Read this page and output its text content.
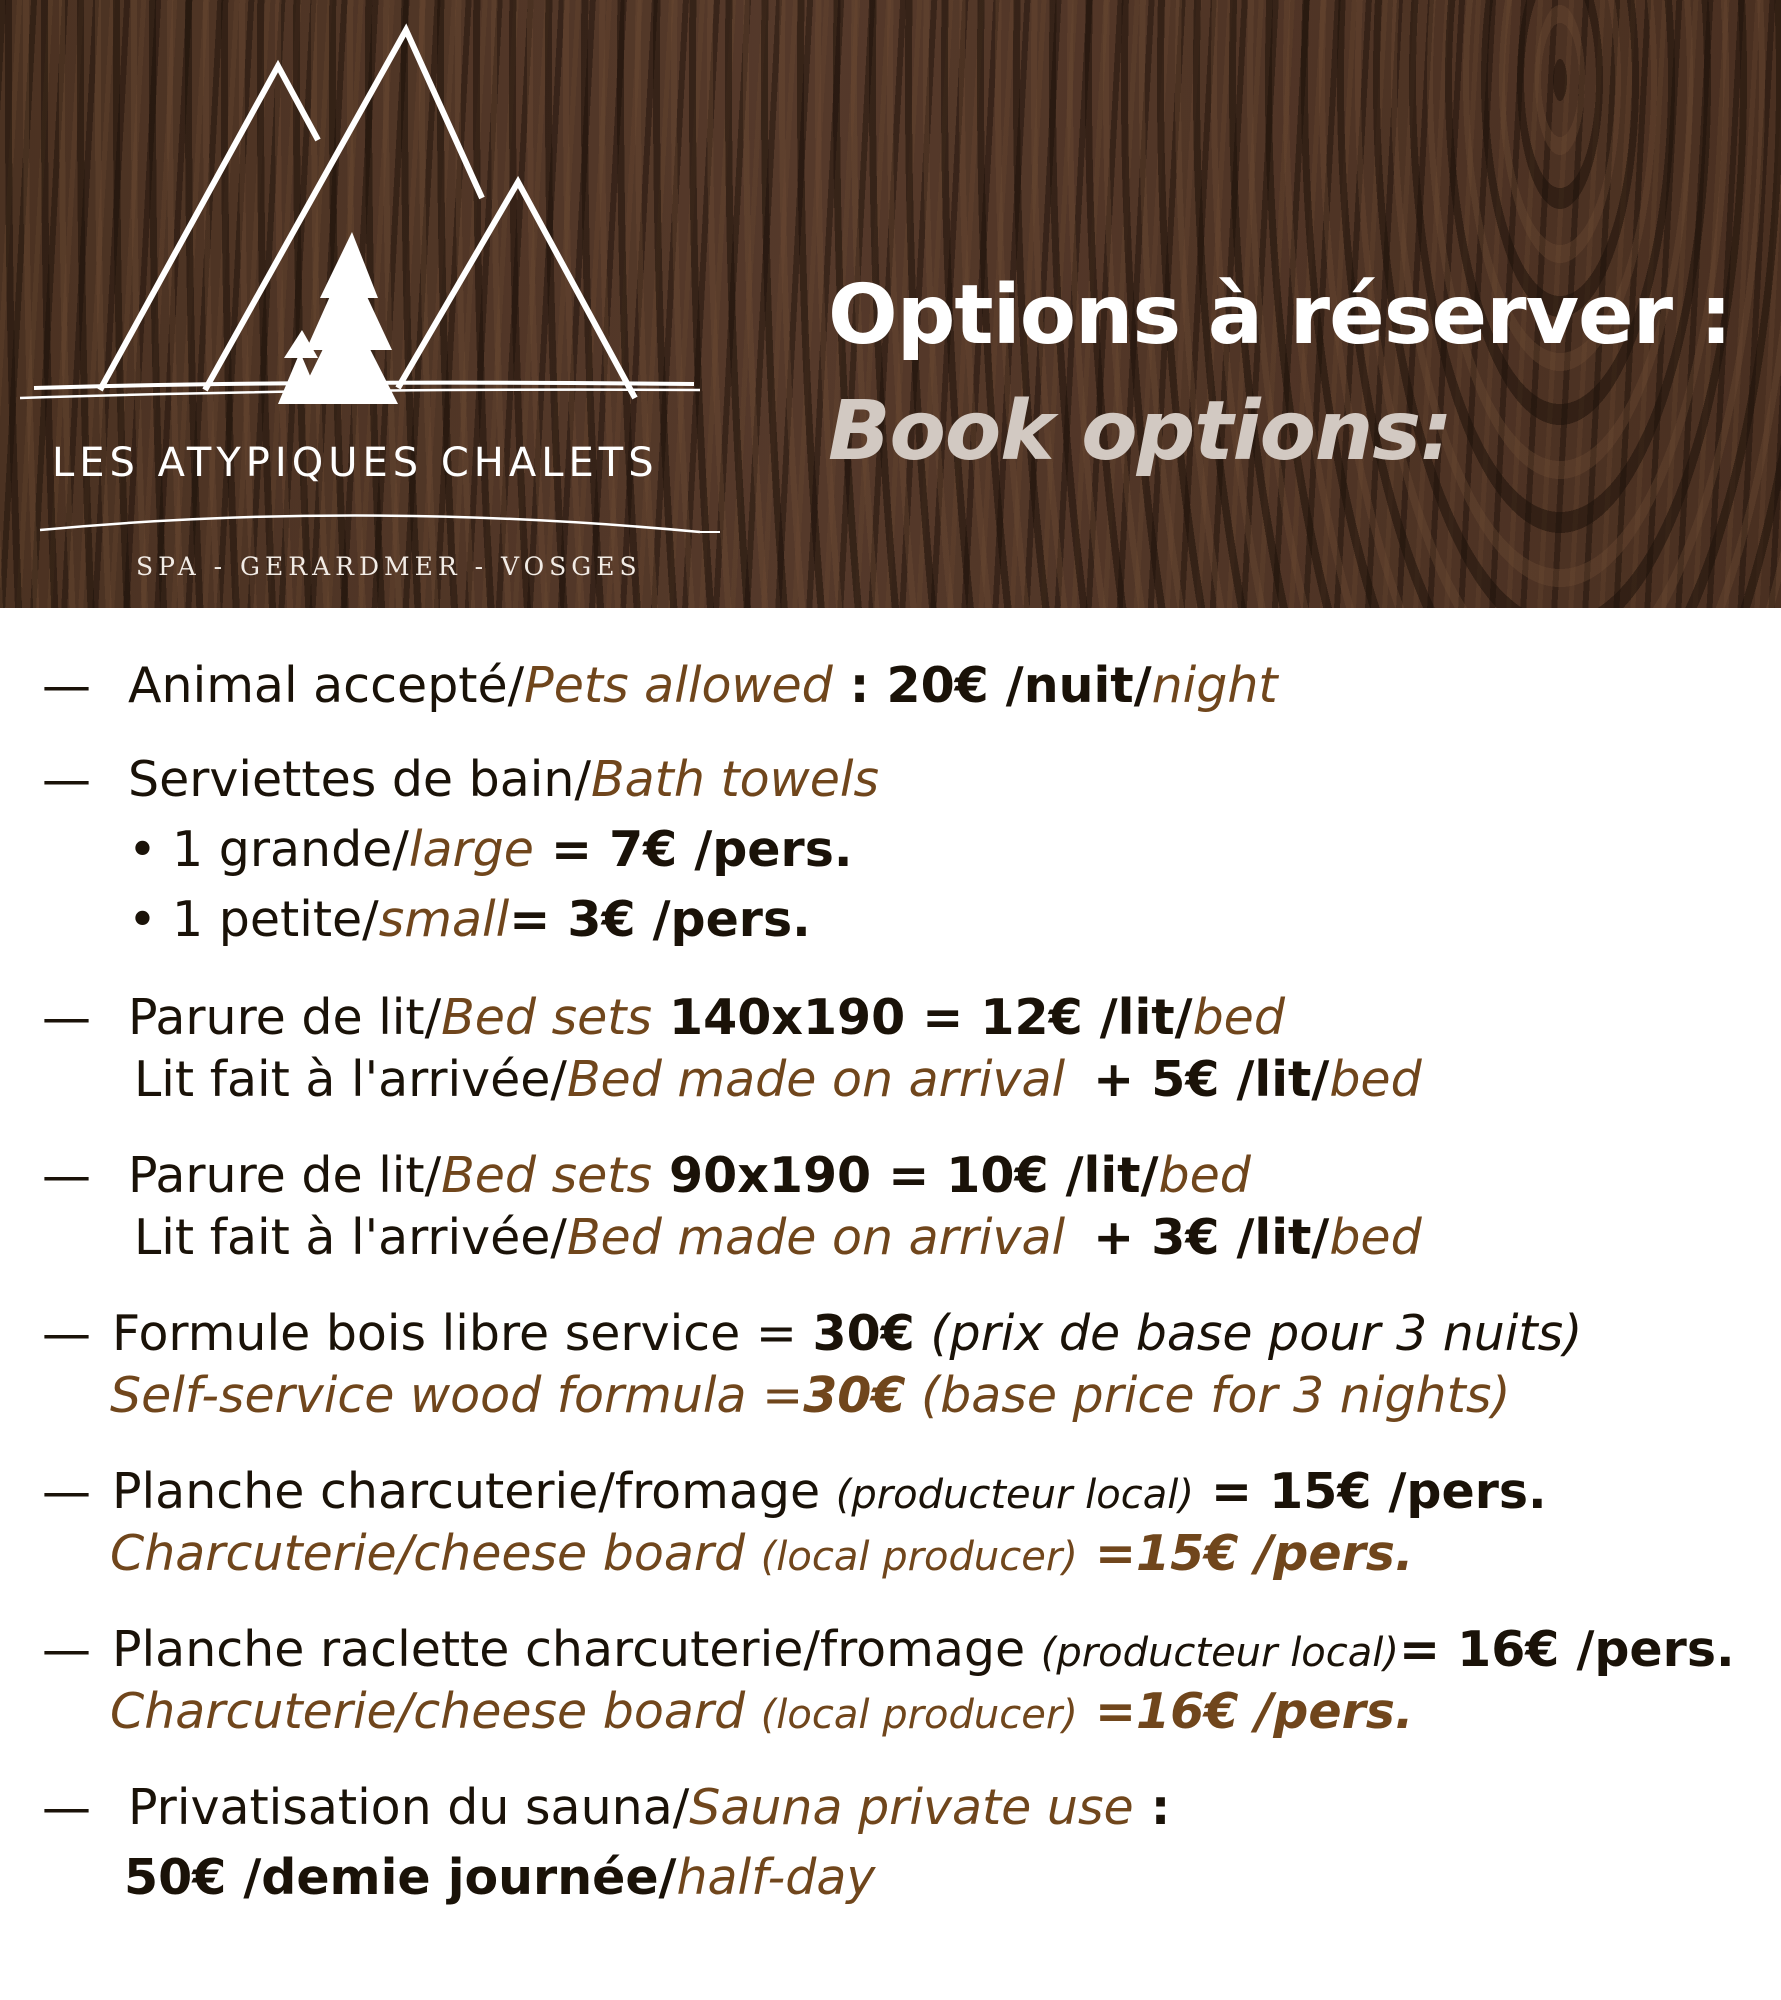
LES ATYPIQUES CHALETS
SPA - GERARDMER - VOSGES
Options à réserver :
Book options:
— Animal accepté/Pets allowed : 20€ /nuit/night
— Serviettes de bain/Bath towels
• 1 grande/large = 7€ /pers.
• 1 petite/small= 3€ /pers.
— Parure de lit/Bed sets 140x190 = 12€ /lit/bed
Lit fait à l'arrivée/Bed made on arrival + 5€ /lit/bed
— Parure de lit/Bed sets 90x190 = 10€ /lit/bed
Lit fait à l'arrivée/Bed made on arrival + 3€ /lit/bed
— Formule bois libre service = 30€ (prix de base pour 3 nuits)
Self-service wood formula =30€ (base price for 3 nights)
— Planche charcuterie/fromage (producteur local) = 15€ /pers.
Charcuterie/cheese board (local producer) =15€ /pers.
— Planche raclette charcuterie/fromage (producteur local)= 16€ /pers.
Charcuterie/cheese board (local producer) =16€ /pers.
— Privatisation du sauna/Sauna private use :
50€ /demie journée/half-day
